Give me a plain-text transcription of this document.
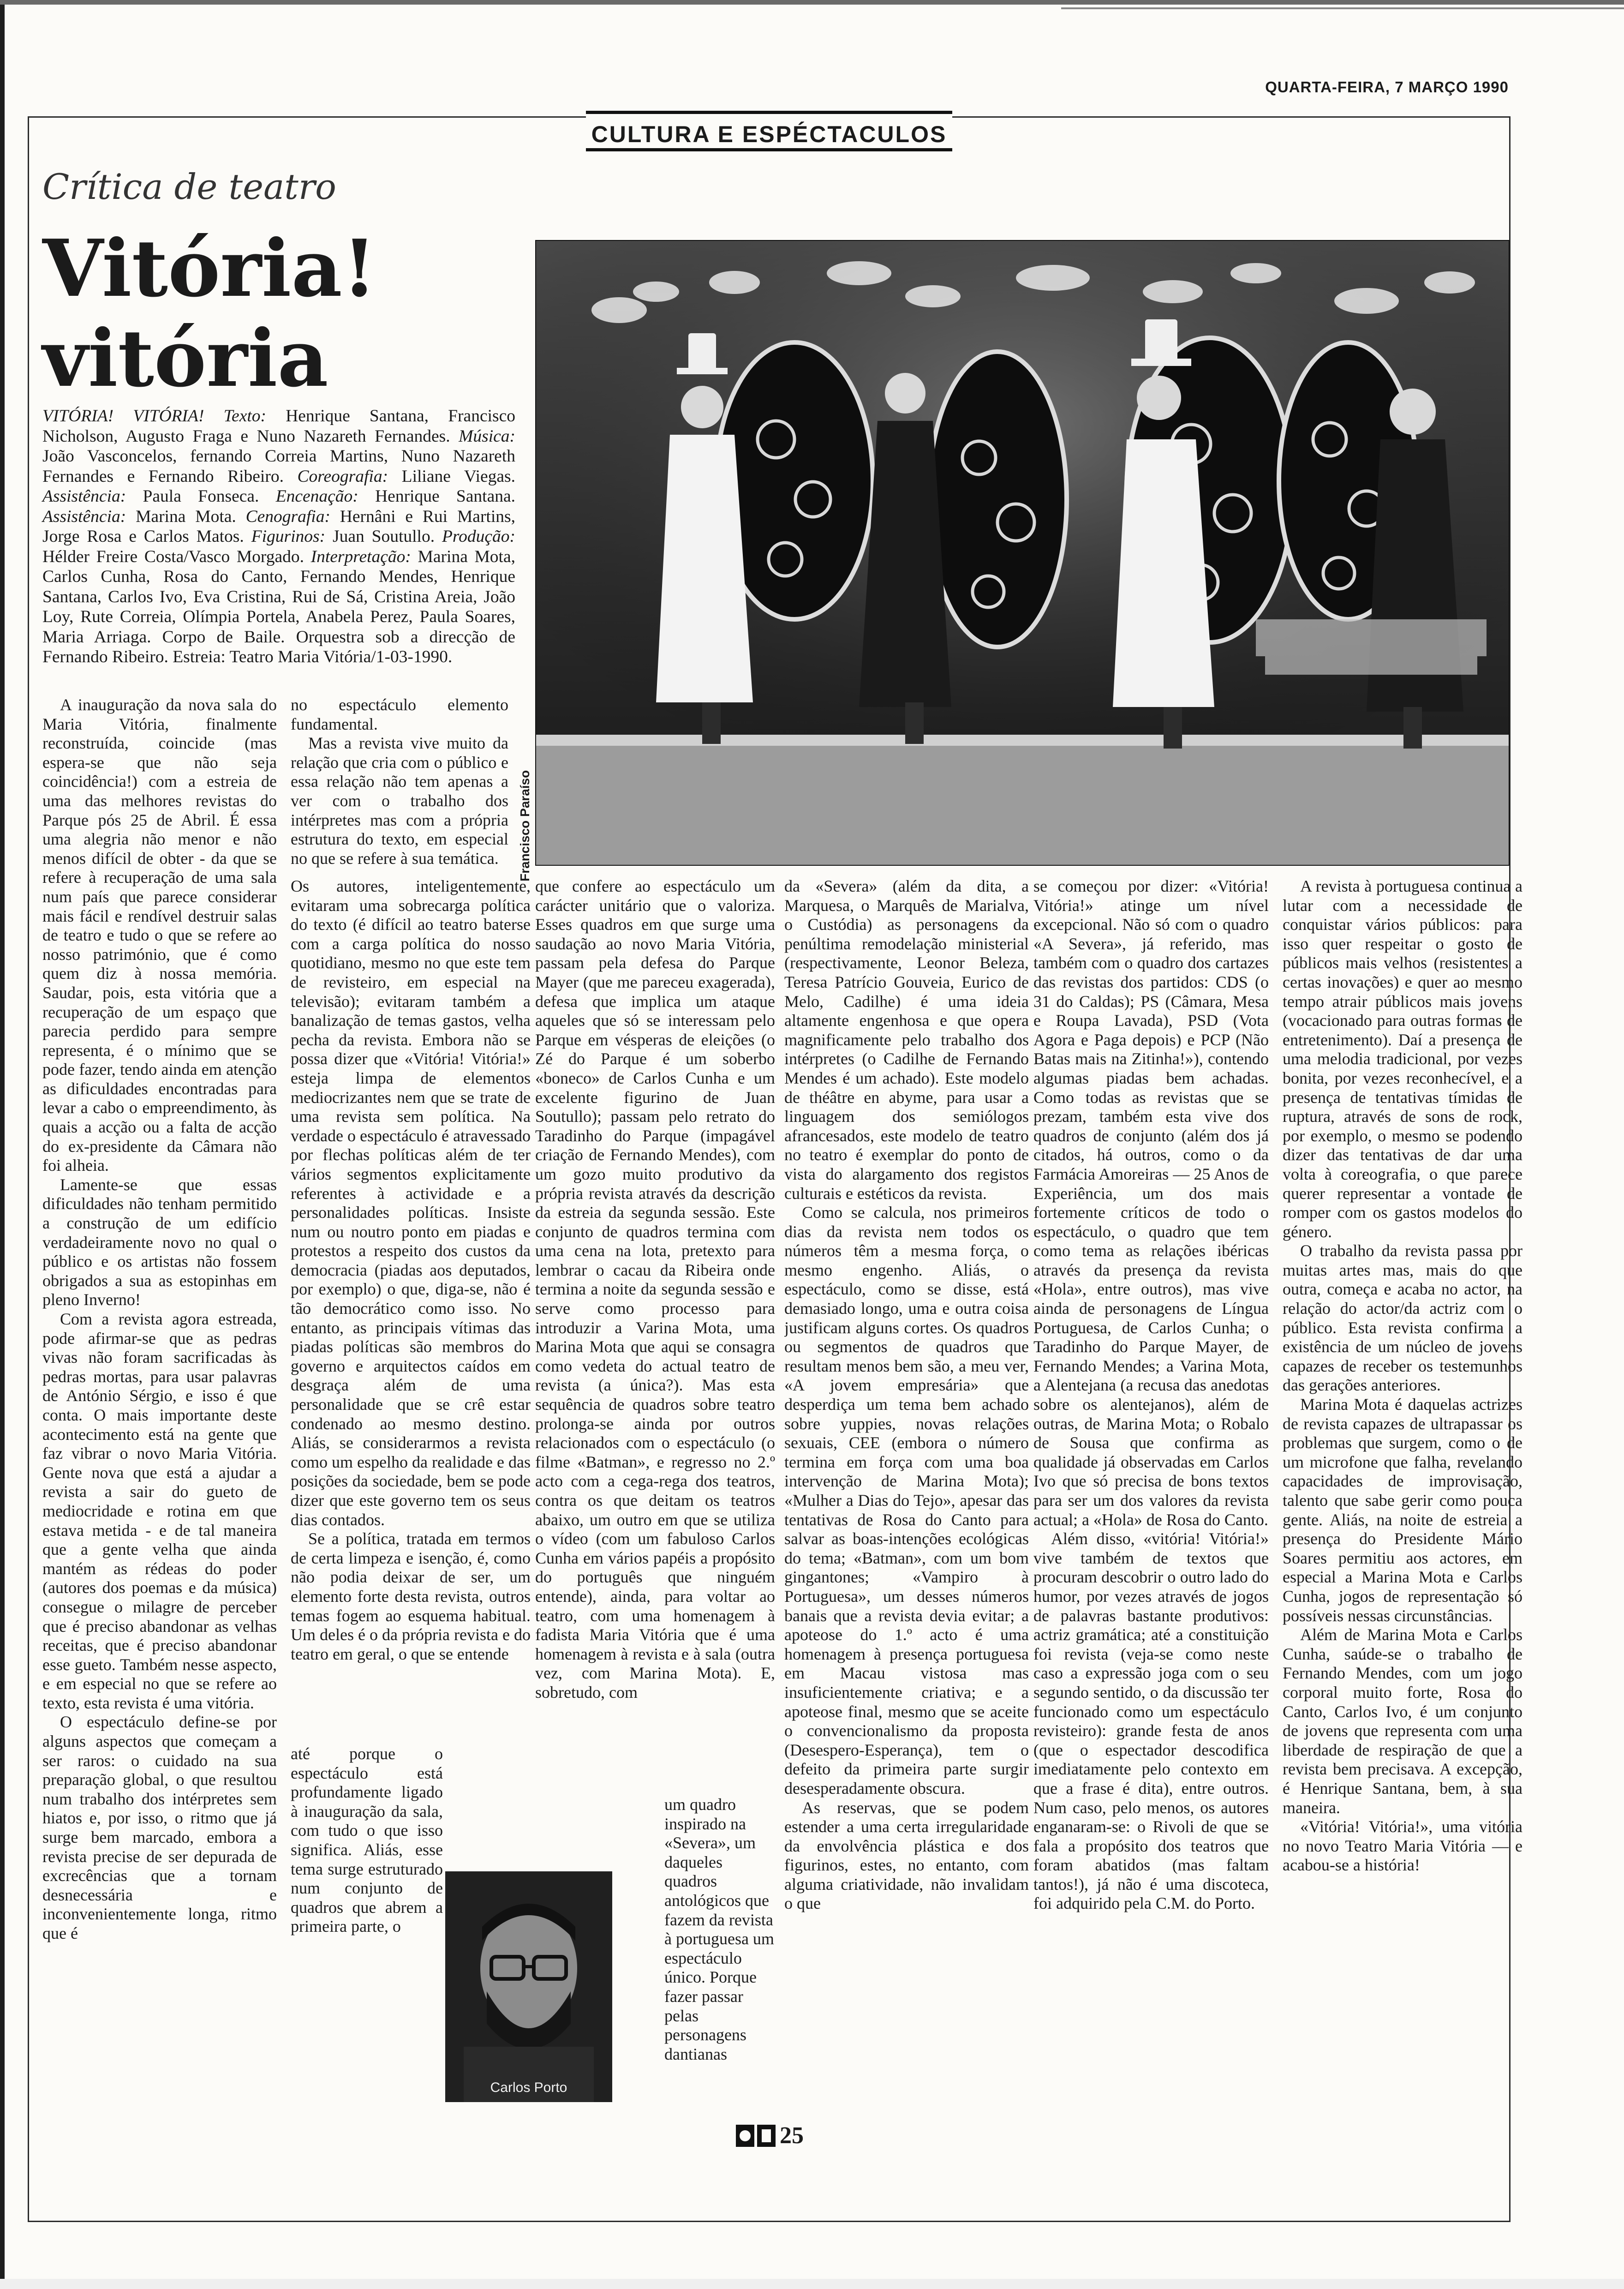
QUARTA-FEIRA, 7 MARÇO 1990
CULTURA E ESPÉCTACULOS
Crítica de teatro
Vitória!
vitória
VITÓRIA! VITÓRIA! Texto: Henrique Santana, Francisco Nicholson, Augusto Fraga e Nuno Nazareth Fernandes. Música: João Vasconcelos, fernando Correia Martins, Nuno Nazareth Fernandes e Fernando Ribeiro. Coreografia: Liliane Viegas. Assistência: Paula Fonseca. Encenação: Henrique Santana. Assistência: Marina Mota. Cenografia: Hernâni e Rui Martins, Jorge Rosa e Carlos Matos. Figurinos: Juan Soutullo. Produção: Hélder Freire Costa/Vasco Morgado. Interpretação: Marina Mota, Carlos Cunha, Rosa do Canto, Fernando Mendes, Henrique Santana, Carlos Ivo, Eva Cristina, Rui de Sá, Cristina Areia, João Loy, Rute Correia, Olímpia Portela, Anabela Perez, Paula Soares, Maria Arriaga. Corpo de Baile. Orquestra sob a direcção de Fernando Ribeiro. Estreia: Teatro Maria Vitória/1-03-1990.
Francisco Paraíso

A inauguração da nova sala do Maria Vitória, finalmente reconstruída, coincide (mas espera-se que não seja coincidência!) com a estreia de uma das melhores revistas do Parque pós 25 de Abril. É essa uma alegria não menor e não menos difícil de obter - da que se refere à recuperação de uma sala num país que parece considerar mais fácil e rendível destruir salas de teatro e tudo o que se refere ao nosso património, que é como quem diz à nossa memória. Saudar, pois, esta vitória que a recuperação de um espaço que parecia perdido para sempre representa, é o mínimo que se pode fazer, tendo ainda em atenção as dificuldades encontradas para levar a cabo o empreendimento, às quais a acção ou a falta de acção do ex-presidente da Câmara não foi alheia.

Lamente-se que essas dificuldades não tenham permitido a construção de um edifício verdadeiramente novo no qual o público e os artistas não fossem obrigados a sua as estopinhas em pleno Inverno!

Com a revista agora estreada, pode afirmar-se que as pedras vivas não foram sacrificadas às pedras mortas, para usar palavras de António Sérgio, e isso é que conta. O mais importante deste acontecimento está na gente que faz vibrar o novo Maria Vitória. Gente nova que está a ajudar a revista a sair do gueto de mediocridade e rotina em que estava metida - e de tal maneira que a gente velha que ainda mantém as rédeas do poder (autores dos poemas e da música) consegue o milagre de perceber que é preciso abandonar as velhas receitas, que é preciso abandonar esse gueto. Também nesse aspecto, e em especial no que se refere ao texto, esta revista é uma vitória.

O espectáculo define-se por alguns aspectos que começam a ser raros: o cuidado na sua preparação global, o que resultou num trabalho dos intérpretes sem hiatos e, por isso, o ritmo que já surge bem marcado, embora a revista precise de ser depurada de excrecências que a tornam desnecessária e inconvenientemente longa, ritmo que é

no espectáculo elemento fundamental.

Mas a revista vive muito da relação que cria com o público e essa relação não tem apenas a ver com o trabalho dos intérpretes mas com a própria estrutura do texto, em especial no que se refere à sua temática.

Os autores, inteligentemente, evitaram uma sobrecarga política do texto (é difícil ao teatro baterse com a carga política do nosso quotidiano, mesmo no que este tem de revisteiro, em especial na televisão); evitaram também a banalização de temas gastos, velha pecha da revista. Embora não se possa dizer que «Vitória! Vitória!» esteja limpa de elementos mediocrizantes nem que se trate de uma revista sem política. Na verdade o espectáculo é atravessado por flechas políticas além de ter vários segmentos explicitamente referentes à actividade e a personalidades políticas. Insiste num ou noutro ponto em piadas e protestos a respeito dos custos da democracia (piadas aos deputados, por exemplo) o que, diga-se, não é tão democrático como isso. No entanto, as principais vítimas das piadas políticas são membros do governo e arquitectos caídos em desgraça além de uma personalidade que se crê estar condenado ao mesmo destino. Aliás, se considerarmos a revista como um espelho da realidade e das posições da sociedade, bem se pode dizer que este governo tem os seus dias contados.

Se a política, tratada em termos de certa limpeza e isenção, é, como não podia deixar de ser, um elemento forte desta revista, outros temas fogem ao esquema habitual. Um deles é o da própria revista e do teatro em geral, o que se entende

até porque o espectáculo está profundamente ligado à inauguração da sala, com tudo o que isso significa. Aliás, esse tema surge estruturado num conjunto de quadros que abrem a primeira parte, o

que confere ao espectáculo um carácter unitário que o valoriza. Esses quadros em que surge uma saudação ao novo Maria Vitória, passam pela defesa do Parque Mayer (que me pareceu exagerada), defesa que implica um ataque aqueles que só se interessam pelo Parque em vésperas de eleições (o Zé do Parque é um soberbo «boneco» de Carlos Cunha e um excelente figurino de Juan Soutullo); passam pelo retrato do Taradinho do Parque (impagável criação de Fernando Mendes), com um gozo muito produtivo da própria revista através da descrição da estreia da segunda sessão. Este conjunto de quadros termina com uma cena na lota, pretexto para lembrar o cacau da Ribeira onde termina a noite da segunda sessão e serve como processo para introduzir a Varina Mota, uma Marina Mota que aqui se consagra como vedeta do actual teatro de revista (a única?). Mas esta sequência de quadros sobre teatro prolonga-se ainda por outros relacionados com o espectáculo (o filme «Batman», e regresso no 2.º acto com a cega-rega dos teatros, contra os que deitam os teatros abaixo, um outro em que se utiliza o vídeo (com um fabuloso Carlos Cunha em vários papéis a propósito do português que ninguém entende), ainda, para voltar ao teatro, com uma homenagem à fadista Maria Vitória que é uma homenagem à revista e à sala (outra vez, com Marina Mota). E, sobretudo, com

um quadro inspirado na «Severa», um daqueles quadros antológicos que fazem da revista à portuguesa um espectáculo único. Porque fazer passar pelas personagens dantianas

da «Severa» (além da dita, a Marquesa, o Marquês de Marialva, o Custódia) as personagens da penúltima remodelação ministerial (respectivamente, Leonor Beleza, Teresa Patrício Gouveia, Eurico de Melo, Cadilhe) é uma ideia altamente engenhosa e que opera magnificamente pelo trabalho dos intérpretes (o Cadilhe de Fernando Mendes é um achado). Este modelo de théâtre en abyme, para usar a linguagem dos semiólogos afrancesados, este modelo de teatro no teatro é exemplar do ponto de vista do alargamento dos registos culturais e estéticos da revista.

Como se calcula, nos primeiros dias da revista nem todos os números têm a mesma força, o mesmo engenho. Aliás, o espectáculo, como se disse, está demasiado longo, uma e outra coisa justificam alguns cortes. Os quadros ou segmentos de quadros que resultam menos bem são, a meu ver, «A jovem empresária» que desperdiça um tema bem achado sobre yuppies, novas relações sexuais, CEE (embora o número termina em força com uma boa intervenção de Marina Mota); «Mulher a Dias do Tejo», apesar das tentativas de Rosa do Canto para salvar as boas-intenções ecológicas do tema; «Batman», com um bom gingantones; «Vampiro à Portuguesa», um desses números banais que a revista devia evitar; a apoteose do 1.º acto é uma homenagem à presença portuguesa em Macau vistosa mas insuficientemente criativa; e a apoteose final, mesmo que se aceite o convencionalismo da proposta (Desespero-Esperança), tem o defeito da primeira parte surgir desesperadamente obscura.

As reservas, que se podem estender a uma certa irregularidade da envolvência plástica e dos figurinos, estes, no entanto, com alguma criatividade, não invalidam o que

se começou por dizer: «Vitória! Vitória!» atinge um nível excepcional. Não só com o quadro «A Severa», já referido, mas também com o quadro dos cartazes das revistas dos partidos: CDS (o 31 do Caldas); PS (Câmara, Mesa e Roupa Lavada), PSD (Vota Agora e Paga depois) e PCP (Não Batas mais na Zitinha!»), contendo algumas piadas bem achadas. Como todas as revistas que se prezam, também esta vive dos quadros de conjunto (além dos já citados, há outros, como o da Farmácia Amoreiras — 25 Anos de Experiência, um dos mais fortemente críticos de todo o espectáculo, o quadro que tem como tema as relações ibéricas através da presença da revista «Hola», entre outros), mas vive ainda de personagens de Língua Portuguesa, de Carlos Cunha; o Taradinho do Parque Mayer, de Fernando Mendes; a Varina Mota, a Alentejana (a recusa das anedotas sobre os alentejanos), além de outras, de Marina Mota; o Robalo de Sousa que confirma as qualidade já observadas em Carlos Ivo que só precisa de bons textos para ser um dos valores da revista actual; a «Hola» de Rosa do Canto.

Além disso, «vitória! Vitória!» vive também de textos que procuram descobrir o outro lado do humor, por vezes através de jogos de palavras bastante produtivos: actriz gramática; até a constituição foi revista (veja-se como neste caso a expressão joga com o seu segundo sentido, o da discussão ter funcionado como um espectáculo revisteiro): grande festa de anos (que o espectador descodifica imediatamente pelo contexto em que a frase é dita), entre outros. Num caso, pelo menos, os autores enganaram-se: o Rivoli de que se fala a propósito dos teatros que foram abatidos (mas faltam tantos!), já não é uma discoteca, foi adquirido pela C.M. do Porto.

A revista à portuguesa continua a lutar com a necessidade de conquistar vários públicos: para isso quer respeitar o gosto de públicos mais velhos (resistentes a certas inovações) e quer ao mesmo tempo atrair públicos mais jovens (vocacionado para outras formas de entretenimento). Daí a presença de uma melodia tradicional, por vezes bonita, por vezes reconhecível, e a presença de tentativas tímidas de ruptura, através de sons de rock, por exemplo, o mesmo se podendo dizer das tentativas de dar uma volta à coreografia, o que parece querer representar a vontade de romper com os gastos modelos do género.

O trabalho da revista passa por muitas artes mas, mais do que outra, começa e acaba no actor, na relação do actor/da actriz com o público. Esta revista confirma a existência de um núcleo de jovens capazes de receber os testemunhos das gerações anteriores.

Marina Mota é daquelas actrizes de revista capazes de ultrapassar os problemas que surgem, como o de um microfone que falha, revelando capacidades de improvisação, talento que sabe gerir como pouca gente. Aliás, na noite de estreia a presença do Presidente Mário Soares permitiu aos actores, em especial a Marina Mota e Carlos Cunha, jogos de representação só possíveis nessas circunstâncias.

Além de Marina Mota e Carlos Cunha, saúde-se o trabalho de Fernando Mendes, com um jogo corporal muito forte, Rosa do Canto, Carlos Ivo, é um conjunto de jovens que representa com uma liberdade de respiração de que a revista bem precisava. A excepção, é Henrique Santana, bem, à sua maneira.

«Vitória! Vitória!», uma vitória no novo Teatro Maria Vitória — e acabou-se a história!

Carlos Porto
25
